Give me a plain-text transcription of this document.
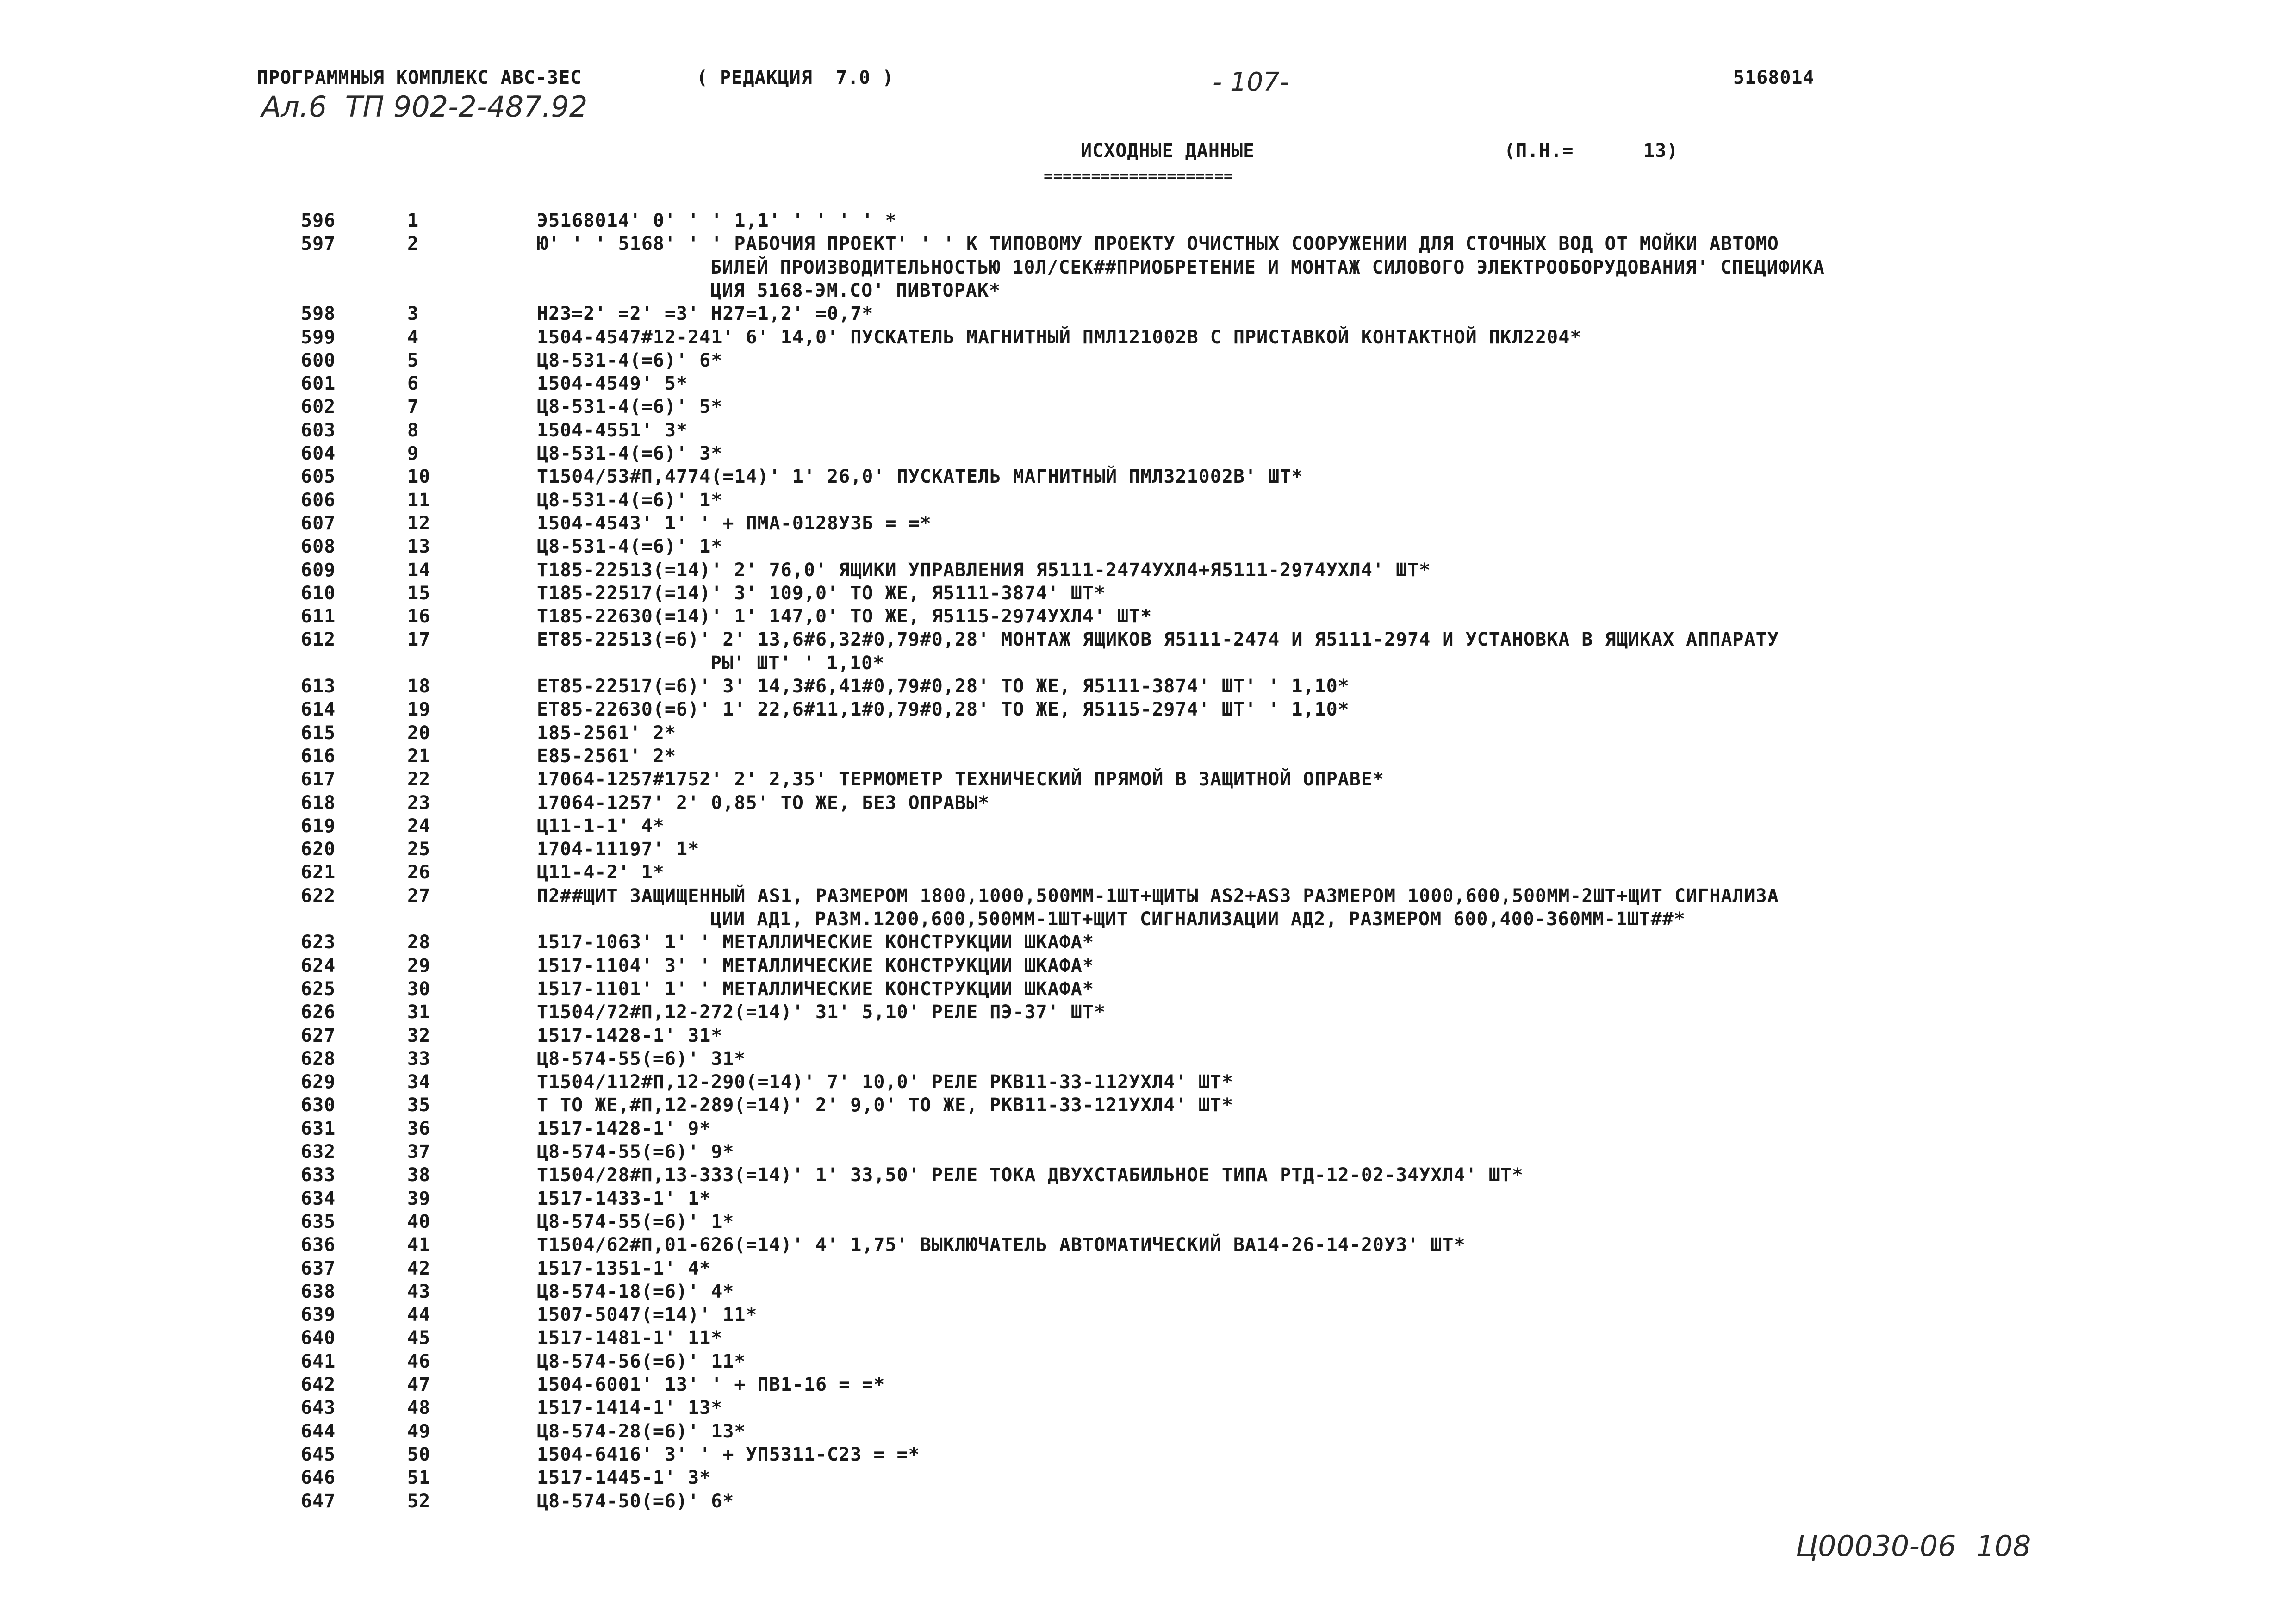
ПРОГРАММНЫЯ КОМПЛЕКС АВС-ЗЕС	( РЕДАКЦИЯ  7.0 )	- 107-	5168014
Ал.6  ТП 902-2-487.92
ИСХОДНЫЕ ДАННЫЕ
====================
(П.Н.=      13)
596	1	Э5168014' 0' ' ' 1,1' ' ' ' ' *
597	2	Ю' ' ' 5168' ' ' РАБОЧИЯ ПРОЕКТ' ' ' К ТИПОВОМУ ПРОЕКТУ ОЧИСТНЫХ СООРУЖЕНИИ ДЛЯ СТОЧНЫХ ВОД ОТ МОЙКИ АВТОМО
БИЛЕЙ ПРОИЗВОДИТЕЛЬНОСТЬЮ 10Л/СЕК##ПРИОБРЕТЕНИЕ И МОНТАЖ СИЛОВОГО ЭЛЕКТРООБОРУДОВАНИЯ' СПЕЦИФИКА
ЦИЯ 5168-ЭМ.СО' ПИВТОРАК*
598	3	Н23=2' =2' =3' Н27=1,2' =0,7*
599	4	1504-4547#12-241' 6' 14,0' ПУСКАТЕЛЬ МАГНИТНЫЙ ПМЛ121002В С ПРИСТАВКОЙ КОНТАКТНОЙ ПКЛ2204*
600	5	Ц8-531-4(=6)' 6*
601	6	1504-4549' 5*
602	7	Ц8-531-4(=6)' 5*
603	8	1504-4551' 3*
604	9	Ц8-531-4(=6)' 3*
605	10	Т1504/53#П,4774(=14)' 1' 26,0' ПУСКАТЕЛЬ МАГНИТНЫЙ ПМЛ321002В' ШТ*
606	11	Ц8-531-4(=6)' 1*
607	12	1504-4543' 1' ' + ПМА-0128У3Б = =*
608	13	Ц8-531-4(=6)' 1*
609	14	Т185-22513(=14)' 2' 76,0' ЯЩИКИ УПРАВЛЕНИЯ Я5111-2474УХЛ4+Я5111-2974УХЛ4' ШТ*
610	15	Т185-22517(=14)' 3' 109,0' ТО ЖЕ, Я5111-3874' ШТ*
611	16	Т185-22630(=14)' 1' 147,0' ТО ЖЕ, Я5115-2974УХЛ4' ШТ*
612	17	ЕТ85-22513(=6)' 2' 13,6#6,32#0,79#0,28' МОНТАЖ ЯЩИКОВ Я5111-2474 И Я5111-2974 И УСТАНОВКА В ЯЩИКАХ АППАРАТУ
РЫ' ШТ' ' 1,10*
613	18	ЕТ85-22517(=6)' 3' 14,3#6,41#0,79#0,28' ТО ЖЕ, Я5111-3874' ШТ' ' 1,10*
614	19	ЕТ85-22630(=6)' 1' 22,6#11,1#0,79#0,28' ТО ЖЕ, Я5115-2974' ШТ' ' 1,10*
615	20	185-2561' 2*
616	21	Е85-2561' 2*
617	22	17064-1257#1752' 2' 2,35' ТЕРМОМЕТР ТЕХНИЧЕСКИЙ ПРЯМОЙ В ЗАЩИТНОЙ ОПРАВЕ*
618	23	17064-1257' 2' 0,85' ТО ЖЕ, БЕЗ ОПРАВЫ*
619	24	Ц11-1-1' 4*
620	25	1704-11197' 1*
621	26	Ц11-4-2' 1*
622	27	П2##ЩИТ ЗАЩИЩЕННЫЙ AS1, РАЗМЕРОМ 1800,1000,500ММ-1ШТ+ЩИТЫ AS2+AS3 РАЗМЕРОМ 1000,600,500ММ-2ШТ+ЩИТ СИГНАЛИЗА
ЦИИ АД1, РАЗМ.1200,600,500ММ-1ШТ+ЩИТ СИГНАЛИЗАЦИИ АД2, РАЗМЕРОМ 600,400-360ММ-1ШТ##*
623	28	1517-1063' 1' ' МЕТАЛЛИЧЕСКИЕ КОНСТРУКЦИИ ШКАФА*
624	29	1517-1104' 3' ' МЕТАЛЛИЧЕСКИЕ КОНСТРУКЦИИ ШКАФА*
625	30	1517-1101' 1' ' МЕТАЛЛИЧЕСКИЕ КОНСТРУКЦИИ ШКАФА*
626	31	Т1504/72#П,12-272(=14)' 31' 5,10' РЕЛЕ ПЭ-37' ШТ*
627	32	1517-1428-1' 31*
628	33	Ц8-574-55(=6)' 31*
629	34	Т1504/112#П,12-290(=14)' 7' 10,0' РЕЛЕ РКВ11-33-112УХЛ4' ШТ*
630	35	Т ТО ЖЕ,#П,12-289(=14)' 2' 9,0' ТО ЖЕ, РКВ11-33-121УХЛ4' ШТ*
631	36	1517-1428-1' 9*
632	37	Ц8-574-55(=6)' 9*
633	38	Т1504/28#П,13-333(=14)' 1' 33,50' РЕЛЕ ТОКА ДВУХСТАБИЛЬНОЕ ТИПА РТД-12-02-34УХЛ4' ШТ*
634	39	1517-1433-1' 1*
635	40	Ц8-574-55(=6)' 1*
636	41	Т1504/62#П,01-626(=14)' 4' 1,75' ВЫКЛЮЧАТЕЛЬ АВТОМАТИЧЕСКИЙ ВА14-26-14-20У3' ШТ*
637	42	1517-1351-1' 4*
638	43	Ц8-574-18(=6)' 4*
639	44	1507-5047(=14)' 11*
640	45	1517-1481-1' 11*
641	46	Ц8-574-56(=6)' 11*
642	47	1504-6001' 13' ' + ПВ1-16 = =*
643	48	1517-1414-1' 13*
644	49	Ц8-574-28(=6)' 13*
645	50	1504-6416' 3' ' + УП5311-С23 = =*
646	51	1517-1445-1' 3*
647	52	Ц8-574-50(=6)' 6*
Ц00030-06 108
